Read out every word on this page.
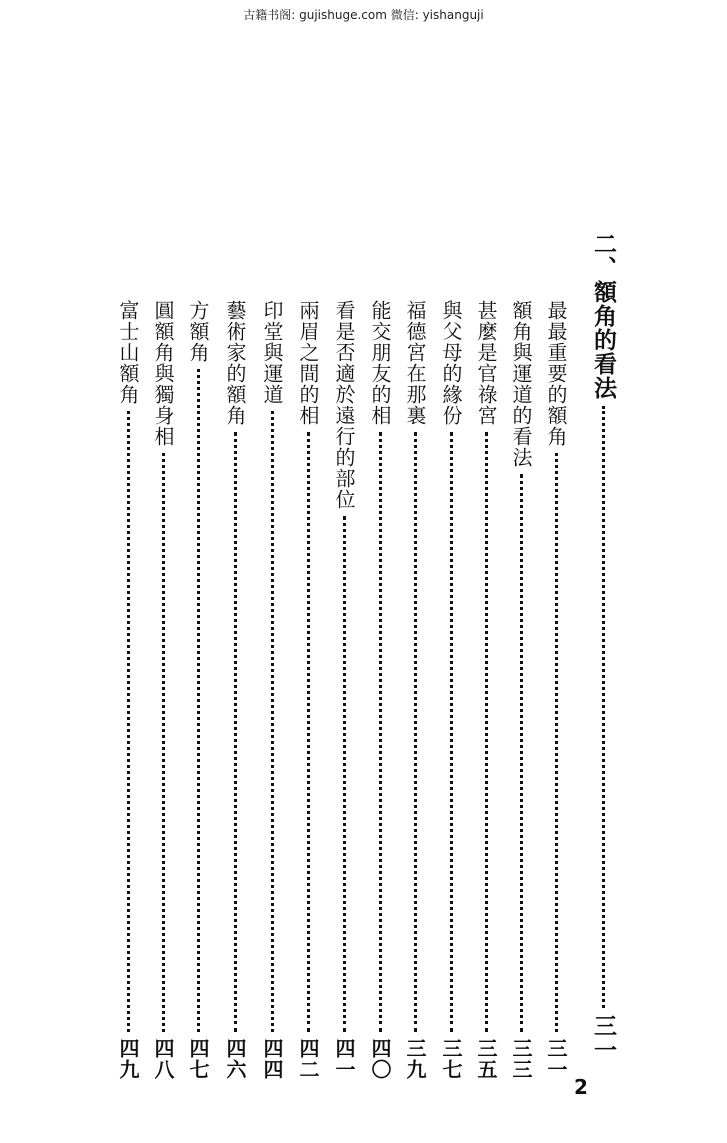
古籍书阁: gujishuge.com 微信: yishanguji
二、額角的看法
三一
最最重要的額角
三一
額角與運道的看法
三三
甚麼是官祿宮
三五
與父母的緣份
三七
福德宮在那裏
三九
能交朋友的相
四〇
看是否適於遠行的部位
四一
兩眉之間的相
四二
印堂與運道
四四
藝術家的額角
四六
方額角
四七
圓額角與獨身相
四八
富士山額角
四九
2
